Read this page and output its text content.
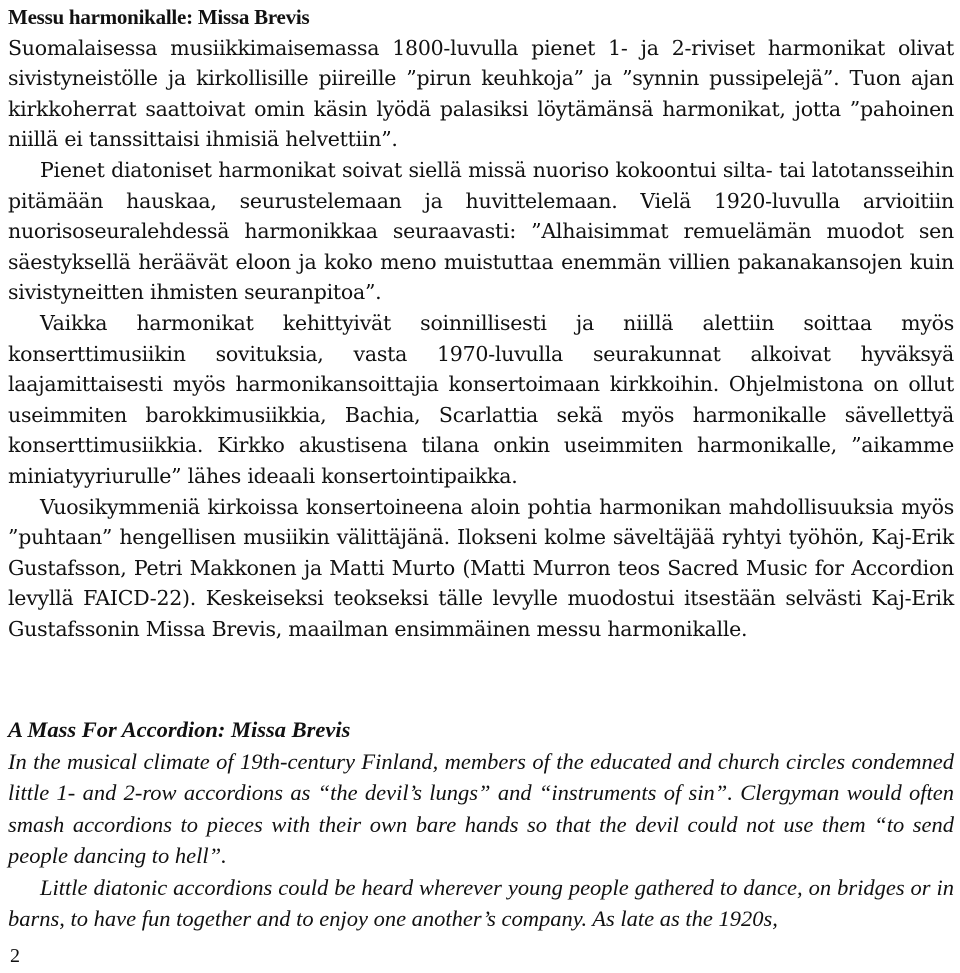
Messu harmonikalle: Missa Brevis

Suomalaisessa musiikkimaisemassa 1800-luvulla pienet 1- ja 2-riviset harmonikat olivat sivistyneistölle ja kirkollisille piireille ”pirun keuhkoja” ja ”synnin pussipelejä”. Tuon ajan kirkkoherrat saattoivat omin käsin lyödä palasiksi löytämänsä harmonikat, jotta ”pahoinen niillä ei tanssittaisi ihmisiä helvettiin”.

Pienet diatoniset harmonikat soivat siellä missä nuoriso kokoontui silta- tai latotansseihin pitämään hauskaa, seurustelemaan ja huvittelemaan. Vielä 1920-luvulla arvioitiin nuorisoseuralehdessä harmonikkaa seuraavasti: ”Alhaisimmat remuelämän muodot sen säestyksellä heräävät eloon ja koko meno muistuttaa enemmän villien pakanakansojen kuin sivistyneitten ihmisten seuranpitoa”.

Vaikka harmonikat kehittyivät soinnillisesti ja niillä alettiin soittaa myös konserttimusiikin sovituksia, vasta 1970-luvulla seurakunnat alkoivat hyväksyä laajamittaisesti myös harmonikansoittajia konsertoimaan kirkkoihin. Ohjelmistona on ollut useimmiten barokkimusiikkia, Bachia, Scarlattia sekä myös harmonikalle sävellettyä konserttimusiikkia. Kirkko akustisena tilana onkin useimmiten harmonikalle, ”aikamme miniatyyriurulle” lähes ideaali konsertointipaikka.

Vuosikymmeniä kirkoissa konsertoineena aloin pohtia harmonikan mahdollisuuksia myös ”puhtaan” hengellisen musiikin välittäjänä. Ilokseni kolme säveltäjää ryhtyi työhön, Kaj-Erik Gustafsson, Petri Makkonen ja Matti Murto (Matti Murron teos Sacred Music for Accordion levyllä FAICD-22). Keskeiseksi teokseksi tälle levylle muodostui itsestään selvästi Kaj-Erik Gustafssonin Missa Brevis, maailman ensimmäinen messu harmonikalle.

A Mass For Accordion: Missa Brevis

In the musical climate of 19th-century Finland, members of the educated and church circles condemned little 1- and 2-row accordions as “the devil’s lungs” and “instruments of sin”. Clergyman would often smash accordions to pieces with their own bare hands so that the devil could not use them “to send people dancing to hell”.

Little diatonic accordions could be heard wherever young people gathered to dance, on bridges or in barns, to have fun together and to enjoy one another’s company. As late as the 1920s,

2
